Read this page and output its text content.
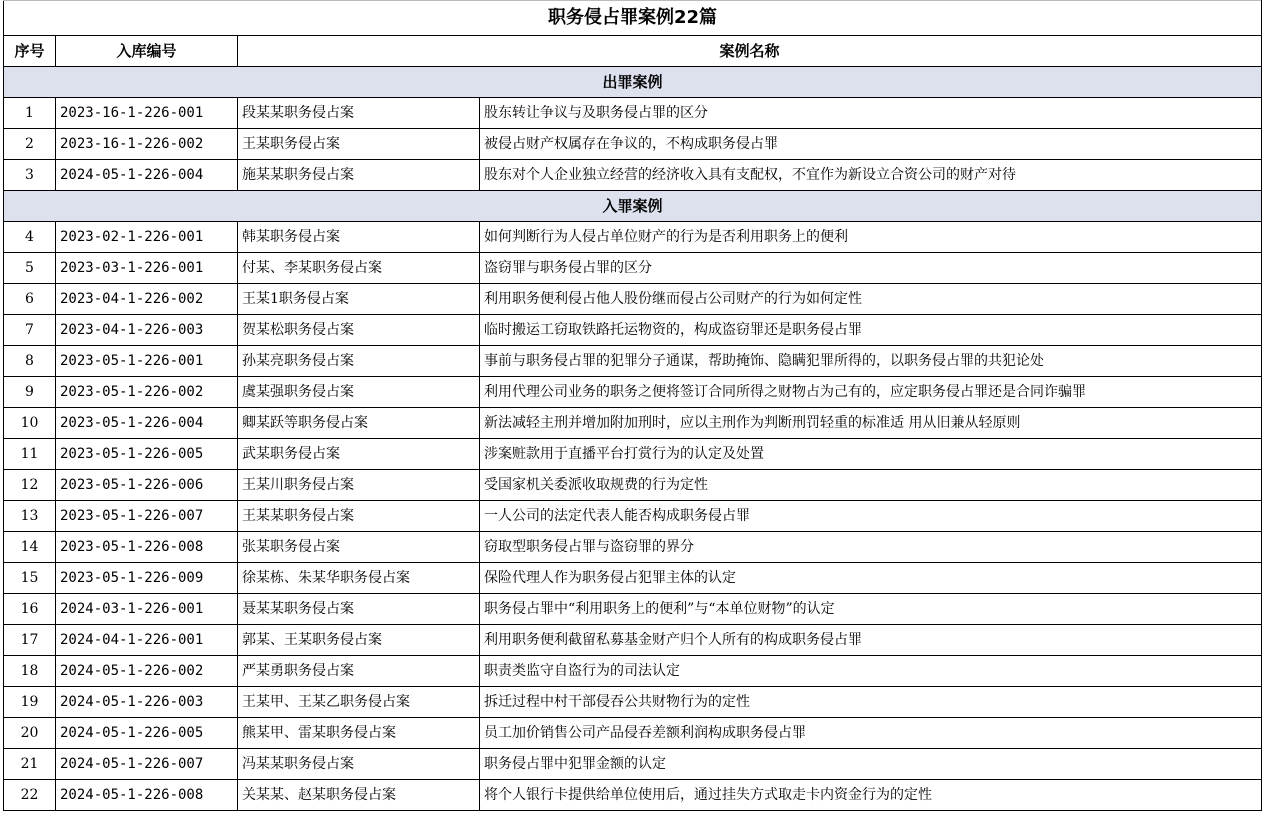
职务侵占罪案例22篇			
序号	入库编号	案例名称	
出罪案例			
1	2023-16-1-226-001	段某某职务侵占案	股东转让争议与及职务侵占罪的区分
2	2023-16-1-226-002	王某职务侵占案	被侵占财产权属存在争议的，不构成职务侵占罪
3	2024-05-1-226-004	施某某职务侵占案	股东对个人企业独立经营的经济收入具有支配权，不宜作为新设立合资公司的财产对待
入罪案例			
4	2023-02-1-226-001	韩某职务侵占案	如何判断行为人侵占单位财产的行为是否利用职务上的便利
5	2023-03-1-226-001	付某、李某职务侵占案	盗窃罪与职务侵占罪的区分
6	2023-04-1-226-002	王某1职务侵占案	利用职务便利侵占他人股份继而侵占公司财产的行为如何定性
7	2023-04-1-226-003	贺某松职务侵占案	临时搬运工窃取铁路托运物资的，构成盗窃罪还是职务侵占罪
8	2023-05-1-226-001	孙某亮职务侵占案	事前与职务侵占罪的犯罪分子通谋，帮助掩饰、隐瞒犯罪所得的，以职务侵占罪的共犯论处
9	2023-05-1-226-002	虞某强职务侵占案	利用代理公司业务的职务之便将签订合同所得之财物占为己有的，应定职务侵占罪还是合同诈骗罪
10	2023-05-1-226-004	卿某跃等职务侵占案	新法减轻主刑并增加附加刑时，应以主刑作为判断刑罚轻重的标准适 用从旧兼从轻原则
11	2023-05-1-226-005	武某职务侵占案	涉案赃款用于直播平台打赏行为的认定及处置
12	2023-05-1-226-006	王某川职务侵占案	受国家机关委派收取规费的行为定性
13	2023-05-1-226-007	王某某职务侵占案	一人公司的法定代表人能否构成职务侵占罪
14	2023-05-1-226-008	张某职务侵占案	窃取型职务侵占罪与盗窃罪的界分
15	2023-05-1-226-009	徐某栋、朱某华职务侵占案	保险代理人作为职务侵占犯罪主体的认定
16	2024-03-1-226-001	聂某某职务侵占案	职务侵占罪中“利用职务上的便利”与“本单位财物”的认定
17	2024-04-1-226-001	郭某、王某职务侵占案	利用职务便利截留私募基金财产归个人所有的构成职务侵占罪
18	2024-05-1-226-002	严某勇职务侵占案	职责类监守自盗行为的司法认定
19	2024-05-1-226-003	王某甲、王某乙职务侵占案	拆迁过程中村干部侵吞公共财物行为的定性
20	2024-05-1-226-005	熊某甲、雷某职务侵占案	员工加价销售公司产品侵吞差额利润构成职务侵占罪
21	2024-05-1-226-007	冯某某职务侵占案	职务侵占罪中犯罪金额的认定
22	2024-05-1-226-008	关某某、赵某职务侵占案	将个人银行卡提供给单位使用后，通过挂失方式取走卡内资金行为的定性
